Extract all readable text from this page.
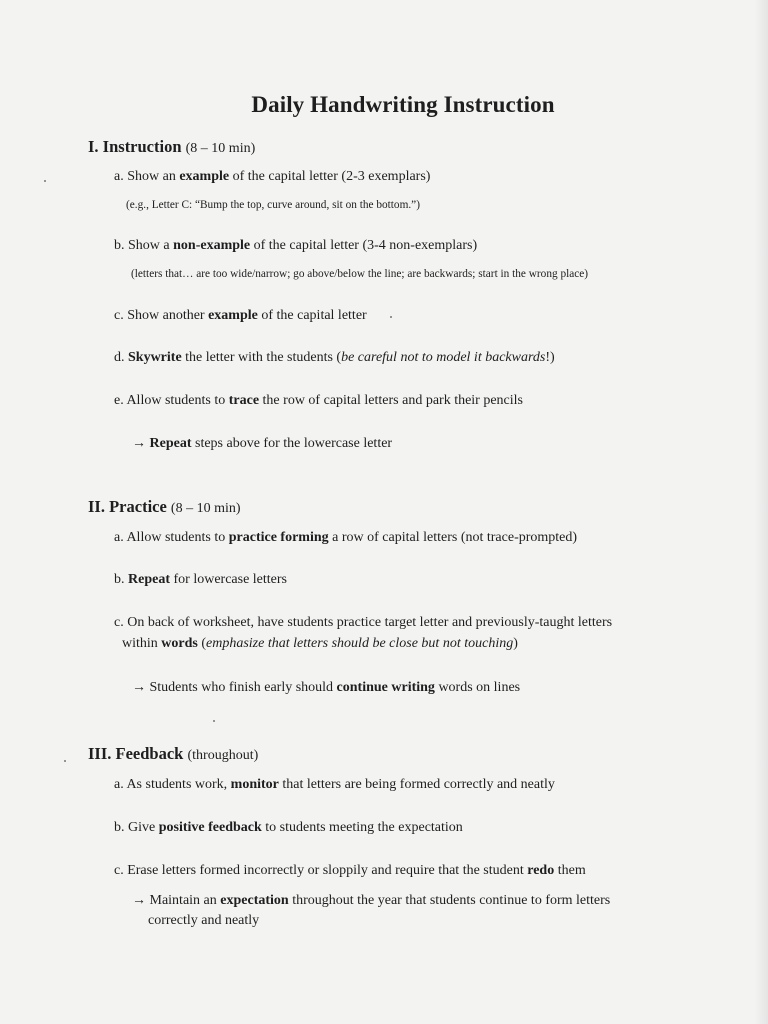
Daily Handwriting Instruction
I. Instruction (8 – 10 min)
a. Show an example of the capital letter (2-3 exemplars)
(e.g., Letter C: “Bump the top, curve around, sit on the bottom.”)
b. Show a non-example of the capital letter (3-4 non-exemplars)
(letters that… are too wide/narrow; go above/below the line; are backwards; start in the wrong place)
c. Show another example of the capital letter
d. Skywrite the letter with the students (be careful not to model it backwards!)
e. Allow students to trace the row of capital letters and park their pencils
→ Repeat steps above for the lowercase letter
II. Practice (8 – 10 min)
a. Allow students to practice forming a row of capital letters (not trace-prompted)
b. Repeat for lowercase letters
c. On back of worksheet, have students practice target letter and previously-taught letters
within words (emphasize that letters should be close but not touching)
→ Students who finish early should continue writing words on lines
III. Feedback (throughout)
a. As students work, monitor that letters are being formed correctly and neatly
b. Give positive feedback to students meeting the expectation
c. Erase letters formed incorrectly or sloppily and require that the student redo them
→ Maintain an expectation throughout the year that students continue to form letters
correctly and neatly
